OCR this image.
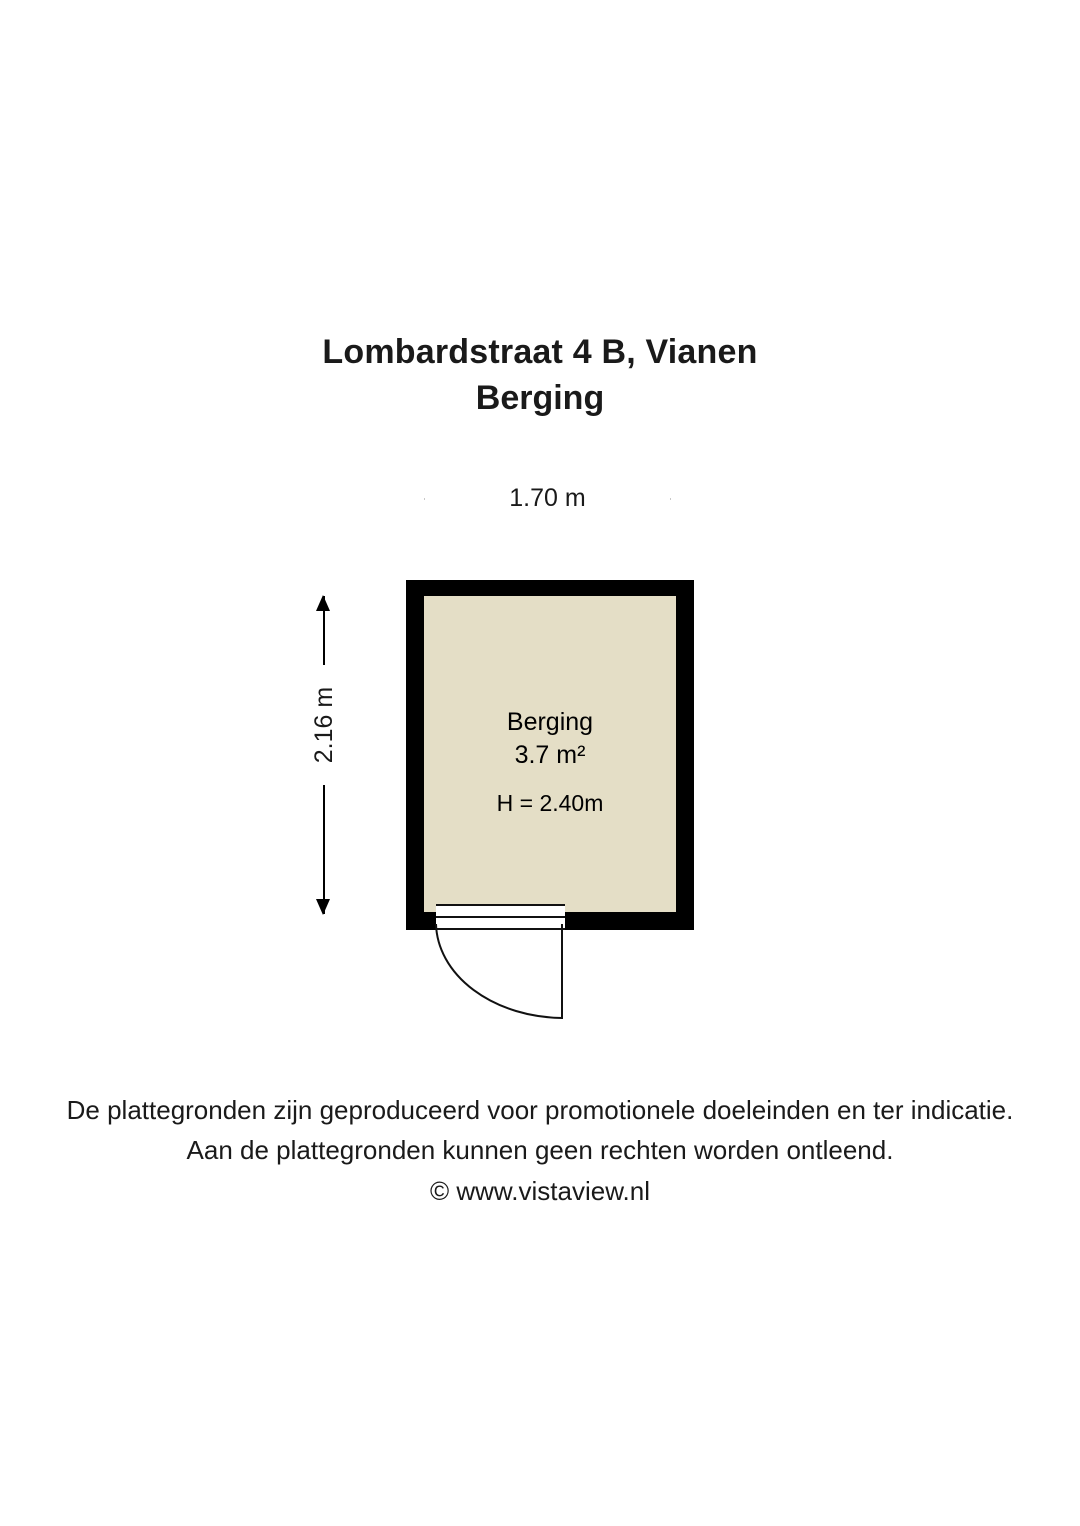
Lombardstraat 4 B, Vianen
Berging
1.70 m
2.16 m	Berging
3.7 m²
H = 2.40m
De plattegronden zijn geproduceerd voor promotionele doeleinden en ter indicatie.
Aan de plattegronden kunnen geen rechten worden ontleend.
© www.vistaview.nl
